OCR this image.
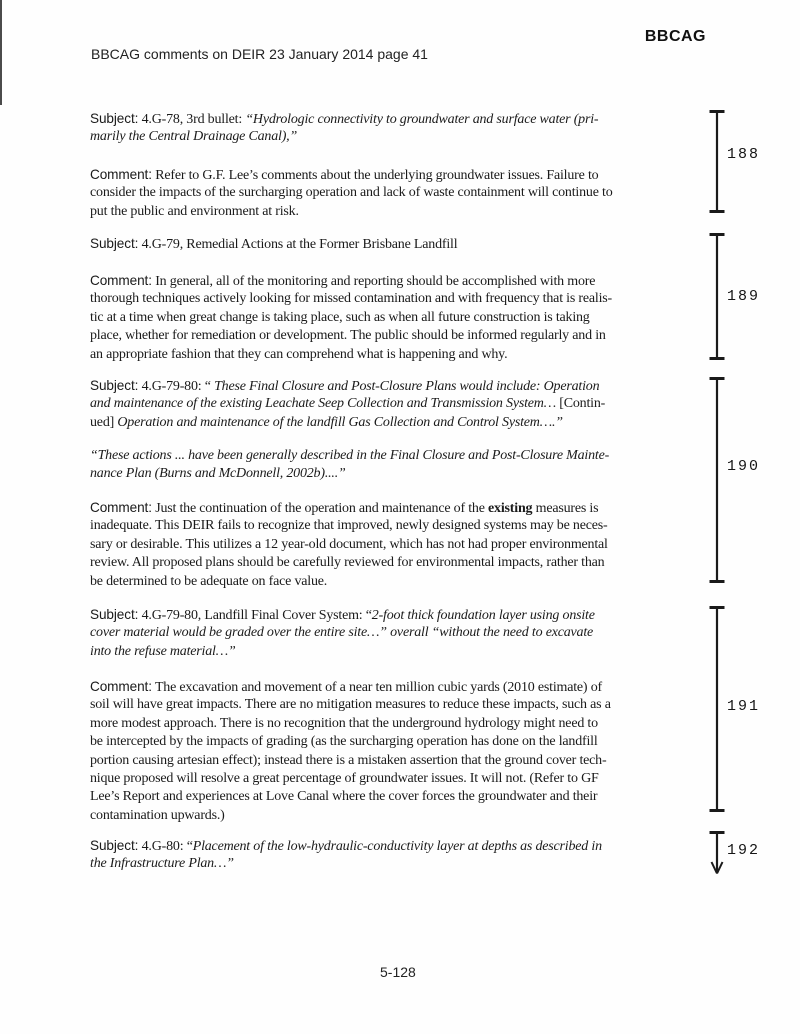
BBCAG comments on DEIR 23 January 2014 page 41
BBCAG
Subject: 4.G-78, 3rd bullet: “Hydrologic connectivity to groundwater and surface water (pri-
marily the Central Drainage Canal),”
Comment: Refer to G.F. Lee’s comments about the underlying groundwater issues. Failure to
consider the impacts of the surcharging operation and lack of waste containment will continue to
put the public and environment at risk.
Subject: 4.G-79, Remedial Actions at the Former Brisbane Landfill
Comment: In general, all of the monitoring and reporting should be accomplished with more
thorough techniques actively looking for missed contamination and with frequency that is realis-
tic at a time when great change is taking place, such as when all future construction is taking
place, whether for remediation or development. The public should be informed regularly and in
an appropriate fashion that they can comprehend what is happening and why.
Subject: 4.G-79-80: “ These Final Closure and Post-Closure Plans would include: Operation
and maintenance of the existing Leachate Seep Collection and Transmission System… [Contin-
ued] Operation and maintenance of the landfill Gas Collection and Control System….”
“These actions ... have been generally described in the Final Closure and Post-Closure Mainte-
nance Plan (Burns and McDonnell, 2002b)....”
Comment: Just the continuation of the operation and maintenance of the existing measures is
inadequate. This DEIR fails to recognize that improved, newly designed systems may be neces-
sary or desirable. This utilizes a 12 year-old document, which has not had proper environmental
review. All proposed plans should be carefully reviewed for environmental impacts, rather than
be determined to be adequate on face value.
Subject: 4.G-79-80, Landfill Final Cover System: “2-foot thick foundation layer using onsite
cover material would be graded over the entire site…” overall “without the need to excavate
into the refuse material…”
Comment: The excavation and movement of a near ten million cubic yards (2010 estimate) of
soil will have great impacts. There are no mitigation measures to reduce these impacts, such as a
more modest approach. There is no recognition that the underground hydrology might need to
be intercepted by the impacts of grading (as the surcharging operation has done on the landfill
portion causing artesian effect); instead there is a mistaken assertion that the ground cover tech-
nique proposed will resolve a great percentage of groundwater issues. It will not. (Refer to GF
Lee’s Report and experiences at Love Canal where the cover forces the groundwater and their
contamination upwards.)
Subject: 4.G-80: “Placement of the low-hydraulic-conductivity layer at depths as described in
the Infrastructure Plan…”
188
189
190
191
192
5-128
